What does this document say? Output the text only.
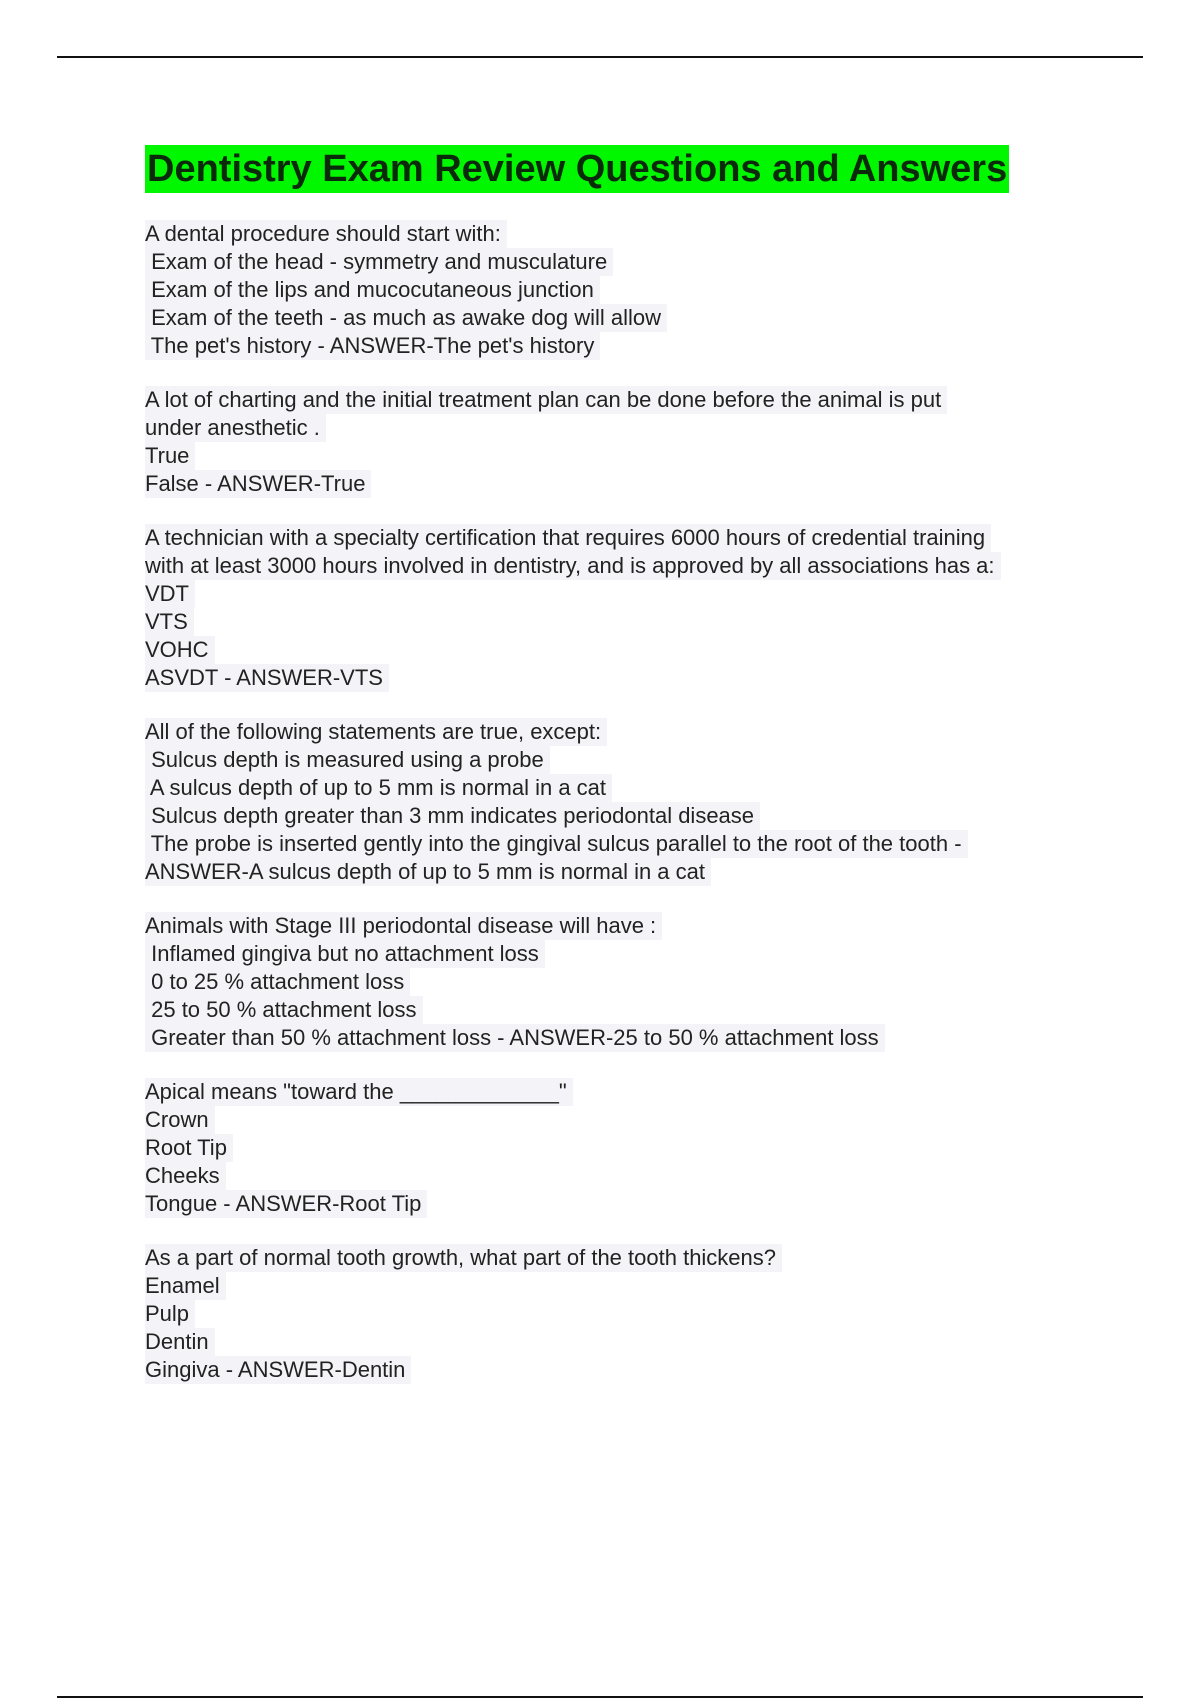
Dentistry Exam Review Questions and Answers
A dental procedure should start with:
Exam of the head - symmetry and musculature
Exam of the lips and mucocutaneous junction
Exam of the teeth - as much as awake dog will allow
The pet's history - ANSWER-The pet's history
A lot of charting and the initial treatment plan can be done before the animal is put
under anesthetic .
True
False - ANSWER-True
A technician with a specialty certification that requires 6000 hours of credential training
with at least 3000 hours involved in dentistry, and is approved by all associations has a:
VDT
VTS
VOHC
ASVDT - ANSWER-VTS
All of the following statements are true, except:
Sulcus depth is measured using a probe
A sulcus depth of up to 5 mm is normal in a cat
Sulcus depth greater than 3 mm indicates periodontal disease
The probe is inserted gently into the gingival sulcus parallel to the root of the tooth -
ANSWER-A sulcus depth of up to 5 mm is normal in a cat
Animals with Stage III periodontal disease will have :
Inflamed gingiva but no attachment loss
0 to 25 % attachment loss
25 to 50 % attachment loss
Greater than 50 % attachment loss - ANSWER-25 to 50 % attachment loss
Apical means "toward the _____________"
Crown
Root Tip
Cheeks
Tongue - ANSWER-Root Tip
As a part of normal tooth growth, what part of the tooth thickens?
Enamel
Pulp
Dentin
Gingiva - ANSWER-Dentin
